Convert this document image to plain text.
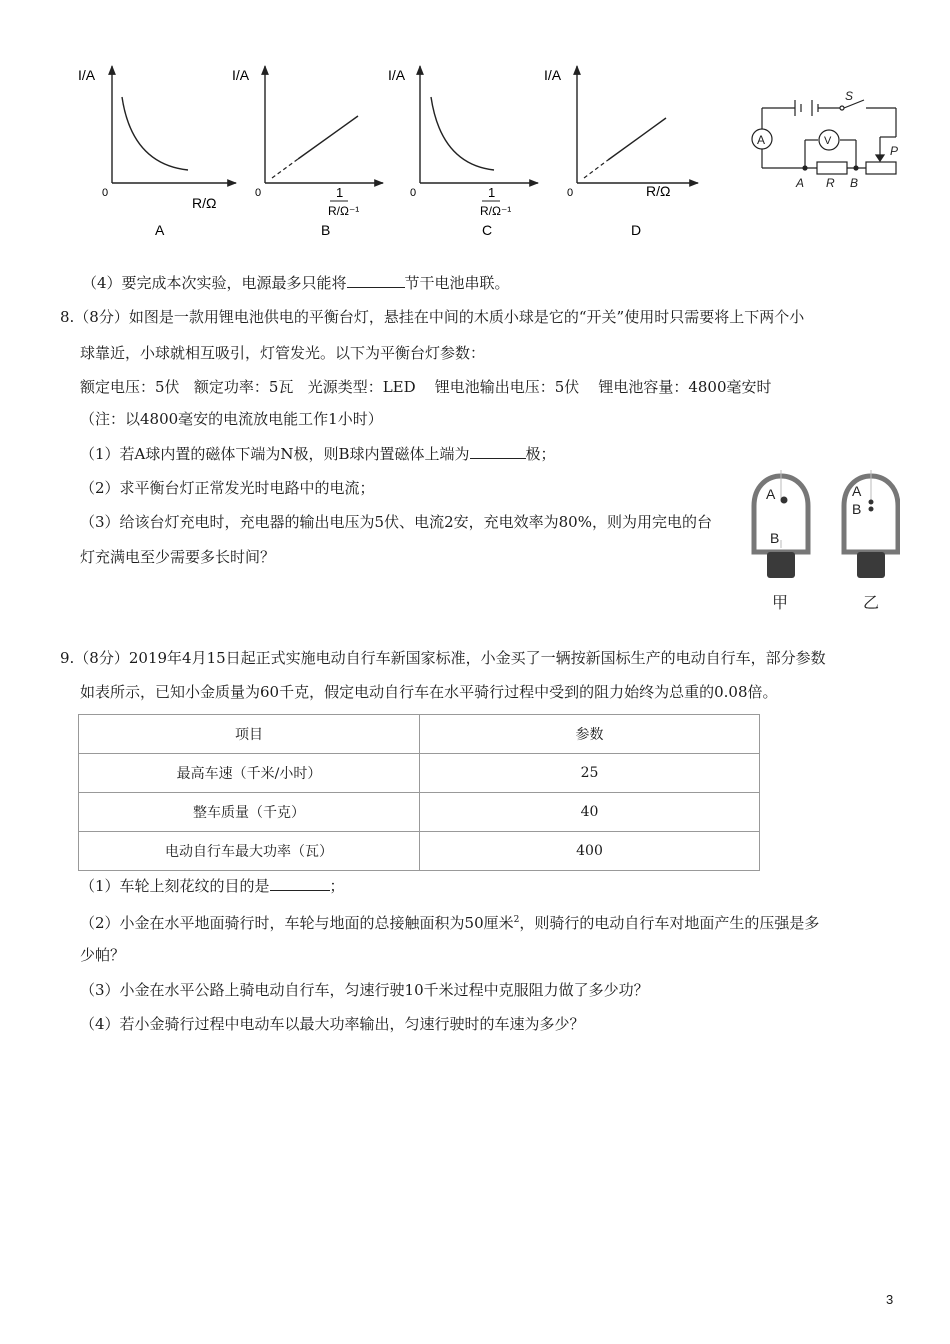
I/A
0
R/Ω
A
I/A
0	1
R/Ω⁻¹
B
I/A
0	1
R/Ω⁻¹
C
I/A
0	R/Ω
D
S
A	V
P
A R B
（4）要完成本次实验，电源最多只能将	节干电池串联。
8.（8分）如图是一款用锂电池供电的平衡台灯，悬挂在中间的木质小球是它的“开关”使用时只需要将上下两个小
球靠近，小球就相互吸引，灯管发光。以下为平衡台灯参数：
额定电压：5伏   额定功率：5瓦   光源类型：LED    锂电池输出电压：5伏    锂电池容量：4800毫安时
（注：以4800毫安的电流放电能工作1小时）
（1）若A球内置的磁体下端为N极，则B球内置磁体上端为	极；
（2）求平衡台灯正常发光时电路中的电流；
（3）给该台灯充电时，充电器的输出电压为5伏、电流2安，充电效率为80%，则为用完电的台
灯充满电至少需要多长时间？
A
B
甲
A
B
乙
9.（8分）2019年4月15日起正式实施电动自行车新国家标准，小金买了一辆按新国标生产的电动自行车，部分参数
如表所示，已知小金质量为60千克，假定电动自行车在水平骑行过程中受到的阻力始终为总重的0.08倍。
项目	参数
最高车速（千米/小时）	25
整车质量（千克）	40
电动自行车最大功率（瓦）	400
（1）车轮上刻花纹的目的是	；
（2）小金在水平地面骑行时，车轮与地面的总接触面积为50厘米$^2$，则骑行的电动自行车对地面产生的压强是多
少帕？
（3）小金在水平公路上骑电动自行车，匀速行驶10千米过程中克服阻力做了多少功？
（4）若小金骑行过程中电动车以最大功率输出，匀速行驶时的车速为多少？
3
